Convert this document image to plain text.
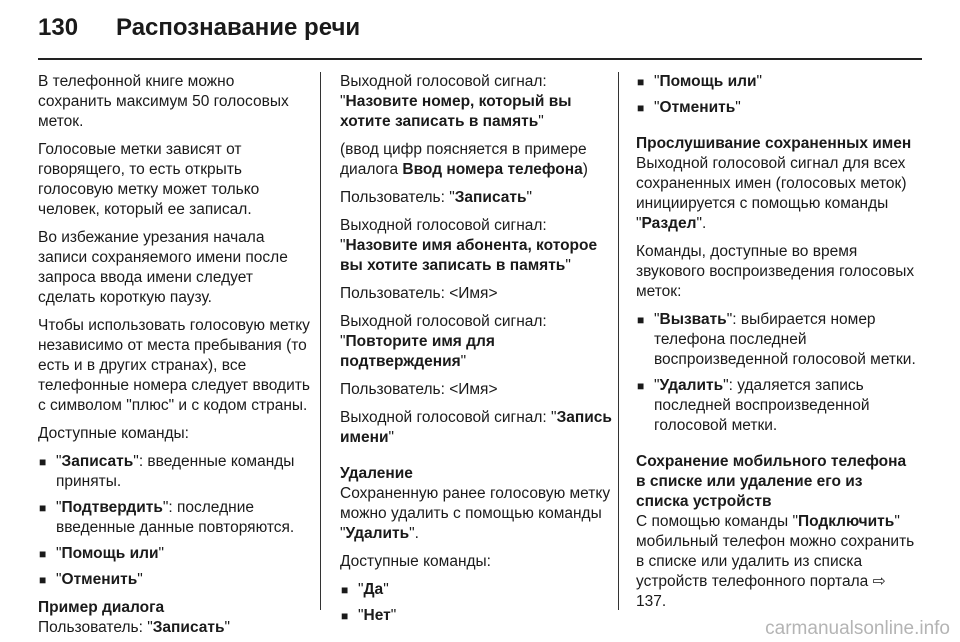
130 Распознавание речи

В телефонной книге можно сохранить максимум 50 голосовых меток.

Голосовые метки зависят от говорящего, то есть открыть голосовую метку может только человек, который ее записал.

Во избежание урезания начала записи сохраняемого имени после запроса ввода имени следует сделать короткую паузу.

Чтобы использовать голосовую метку независимо от места пребывания (то есть и в других странах), все телефонные номера следует вводить с символом "плюс" и с кодом страны.

Доступные команды:

■ "Записать": введенные команды приняты.
■ "Подтвердить": последние введенные данные повторяются.
■ "Помощь или"
■ "Отменить"

Пример диалога

Пользователь: "Записать"

Выходной голосовой сигнал: "Назовите номер, который вы хотите записать в память"

(ввод цифр поясняется в примере диалога Ввод номера телефона)

Пользователь: "Записать"

Выходной голосовой сигнал: "Назовите имя абонента, которое вы хотите записать в память"

Пользователь: <Имя>

Выходной голосовой сигнал: "Повторите имя для подтверждения"

Пользователь: <Имя>

Выходной голосовой сигнал: "Запись имени"

Удаление

Сохраненную ранее голосовую метку можно удалить с помощью команды "Удалить".

Доступные команды:

■ "Да"
■ "Нет"
■ "Помощь или"
■ "Отменить"

Прослушивание сохраненных имен

Выходной голосовой сигнал для всех сохраненных имен (голосовых меток) инициируется с помощью команды "Раздел".

Команды, доступные во время звукового воспроизведения голосовых меток:

■ "Вызвать": выбирается номер телефона последней воспроизведенной голосовой метки.
■ "Удалить": удаляется запись последней воспроизведенной голосовой метки.

Сохранение мобильного телефона в списке или удаление его из списка устройств

С помощью команды "Подключить" мобильный телефон можно сохранить в списке или удалить из списка устройств телефонного портала ⇨ 137.

carmanualsonline.info
